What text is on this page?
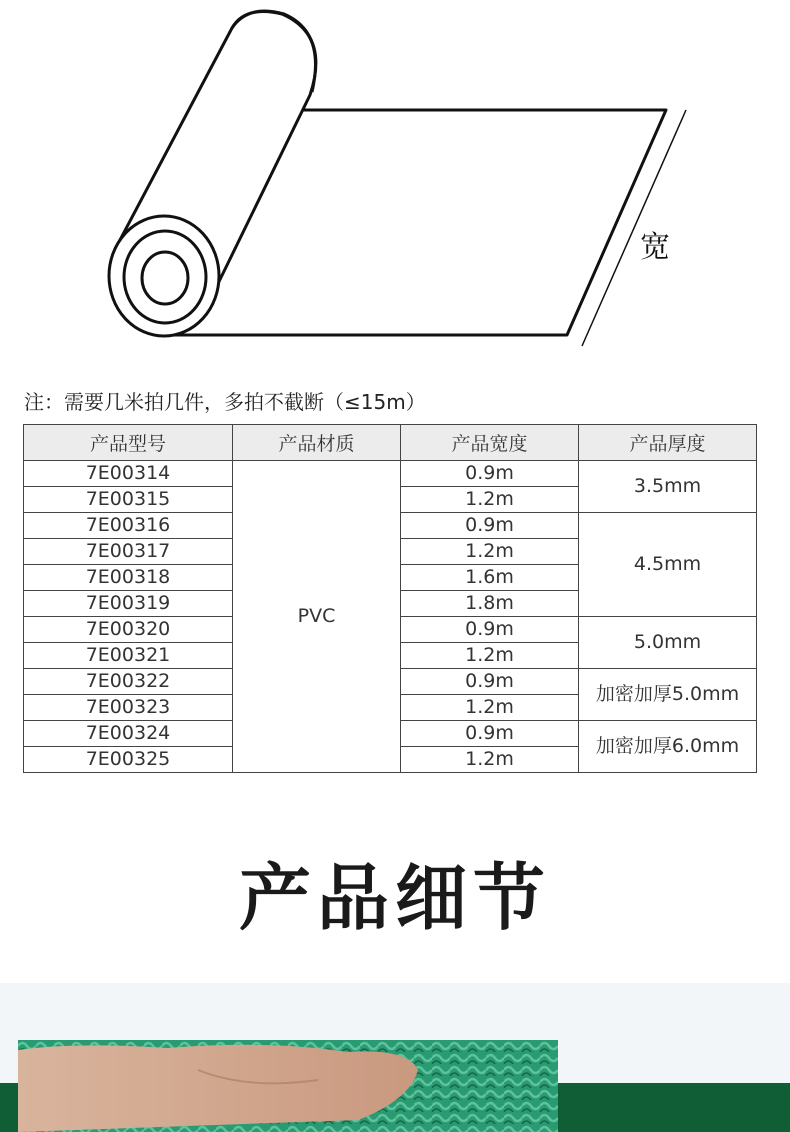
宽
注：需要几米拍几件，多拍不截断（≤15m）
产品型号	产品材质	产品宽度	产品厚度
7E00314	PVC	0.9m	3.5mm
7E00315		1.2m	
7E00316		0.9m	4.5mm
7E00317		1.2m	
7E00318		1.6m	
7E00319		1.8m	
7E00320		0.9m	5.0mm
7E00321		1.2m	
7E00322		0.9m	加密加厚5.0mm
7E00323		1.2m	
7E00324		0.9m	加密加厚6.0mm
7E00325		1.2m	
产品细节
